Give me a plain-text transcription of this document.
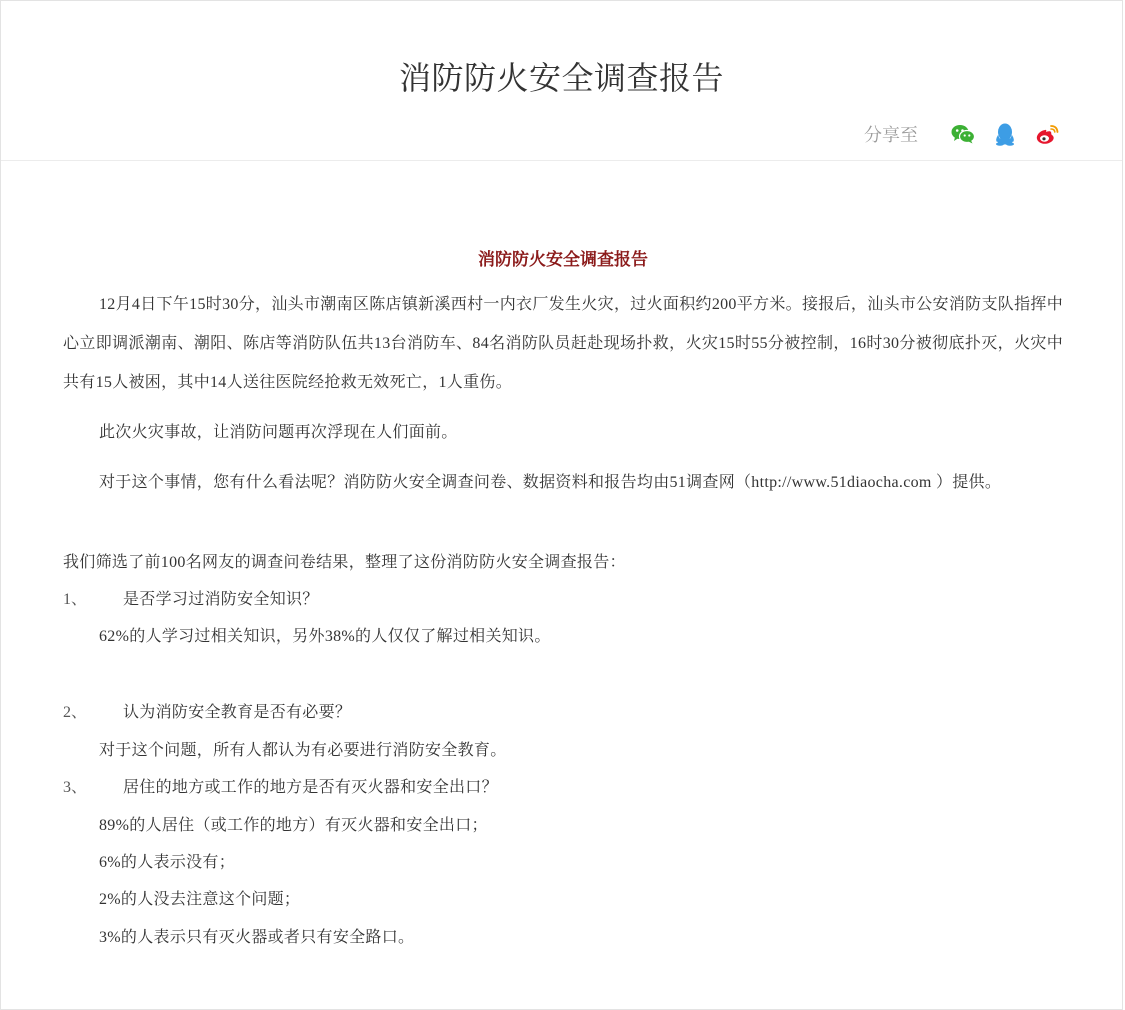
消防防火安全调查报告
分享至
消防防火安全调查报告
12月4日下午15时30分，汕头市潮南区陈店镇新溪西村一内衣厂发生火灾，过火面积约200平方米。接报后，汕头市公安消防支队指挥中心立即调派潮南、潮阳、陈店等消防队伍共13台消防车、84名消防队员赶赴现场扑救，火灾15时55分被控制，16时30分被彻底扑灭，火灾中共有15人被困，其中14人送往医院经抢救无效死亡，1人重伤。
此次火灾事故，让消防问题再次浮现在人们面前。
对于这个事情，您有什么看法呢？消防防火安全调查问卷、数据资料和报告均由51调查网（http://www.51diaocha.com ）提供。
我们筛选了前100名网友的调查问卷结果，整理了这份消防防火安全调查报告：
1、 是否学习过消防安全知识？
62%的人学习过相关知识，另外38%的人仅仅了解过相关知识。
2、 认为消防安全教育是否有必要？
对于这个问题，所有人都认为有必要进行消防安全教育。
3、 居住的地方或工作的地方是否有灭火器和安全出口？
89%的人居住（或工作的地方）有灭火器和安全出口；
6%的人表示没有；
2%的人没去注意这个问题；
3%的人表示只有灭火器或者只有安全路口。
